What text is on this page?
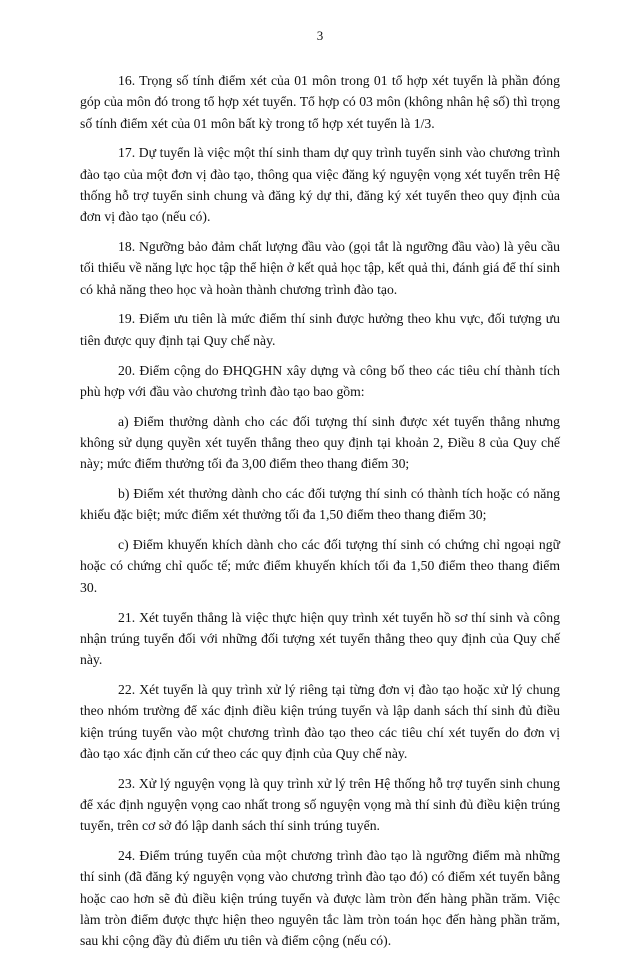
3

16. Trọng số tính điểm xét của 01 môn trong 01 tổ hợp xét tuyển là phần đóng góp của môn đó trong tổ hợp xét tuyển. Tổ hợp có 03 môn (không nhân hệ số) thì trọng số tính điểm xét của 01 môn bất kỳ trong tổ hợp xét tuyển là 1/3.

17. Dự tuyển là việc một thí sinh tham dự quy trình tuyển sinh vào chương trình đào tạo của một đơn vị đào tạo, thông qua việc đăng ký nguyện vọng xét tuyển trên Hệ thống hỗ trợ tuyển sinh chung và đăng ký dự thi, đăng ký xét tuyển theo quy định của đơn vị đào tạo (nếu có).

18. Ngưỡng bảo đảm chất lượng đầu vào (gọi tắt là ngưỡng đầu vào) là yêu cầu tối thiểu về năng lực học tập thể hiện ở kết quả học tập, kết quả thi, đánh giá để thí sinh có khả năng theo học và hoàn thành chương trình đào tạo.

19. Điểm ưu tiên là mức điểm thí sinh được hưởng theo khu vực, đối tượng ưu tiên được quy định tại Quy chế này.

20. Điểm cộng do ĐHQGHN xây dựng và công bố theo các tiêu chí thành tích phù hợp với đầu vào chương trình đào tạo bao gồm:

a) Điểm thưởng dành cho các đối tượng thí sinh được xét tuyển thẳng nhưng không sử dụng quyền xét tuyển thẳng theo quy định tại khoản 2, Điều 8 của Quy chế này; mức điểm thưởng tối đa 3,00 điểm theo thang điểm 30;

b) Điểm xét thưởng dành cho các đối tượng thí sinh có thành tích hoặc có năng khiếu đặc biệt; mức điểm xét thưởng tối đa 1,50 điểm theo thang điểm 30;

c) Điểm khuyến khích dành cho các đối tượng thí sinh có chứng chỉ ngoại ngữ hoặc có chứng chỉ quốc tế; mức điểm khuyến khích tối đa 1,50 điểm theo thang điểm 30.

21. Xét tuyển thẳng là việc thực hiện quy trình xét tuyển hồ sơ thí sinh và công nhận trúng tuyển đối với những đối tượng xét tuyển thẳng theo quy định của Quy chế này.

22. Xét tuyển là quy trình xử lý riêng tại từng đơn vị đào tạo hoặc xử lý chung theo nhóm trường để xác định điều kiện trúng tuyển và lập danh sách thí sinh đủ điều kiện trúng tuyển vào một chương trình đào tạo theo các tiêu chí xét tuyển do đơn vị đào tạo xác định căn cứ theo các quy định của Quy chế này.

23. Xử lý nguyện vọng là quy trình xử lý trên Hệ thống hỗ trợ tuyển sinh chung để xác định nguyện vọng cao nhất trong số nguyện vọng mà thí sinh đủ điều kiện trúng tuyển, trên cơ sở đó lập danh sách thí sinh trúng tuyển.

24. Điểm trúng tuyển của một chương trình đào tạo là ngưỡng điểm mà những thí sinh (đã đăng ký nguyện vọng vào chương trình đào tạo đó) có điểm xét tuyển bằng hoặc cao hơn sẽ đủ điều kiện trúng tuyển và được làm tròn đến hàng phần trăm. Việc làm tròn điểm được thực hiện theo nguyên tắc làm tròn toán học đến hàng phần trăm, sau khi cộng đầy đủ điểm ưu tiên và điểm cộng (nếu có).
